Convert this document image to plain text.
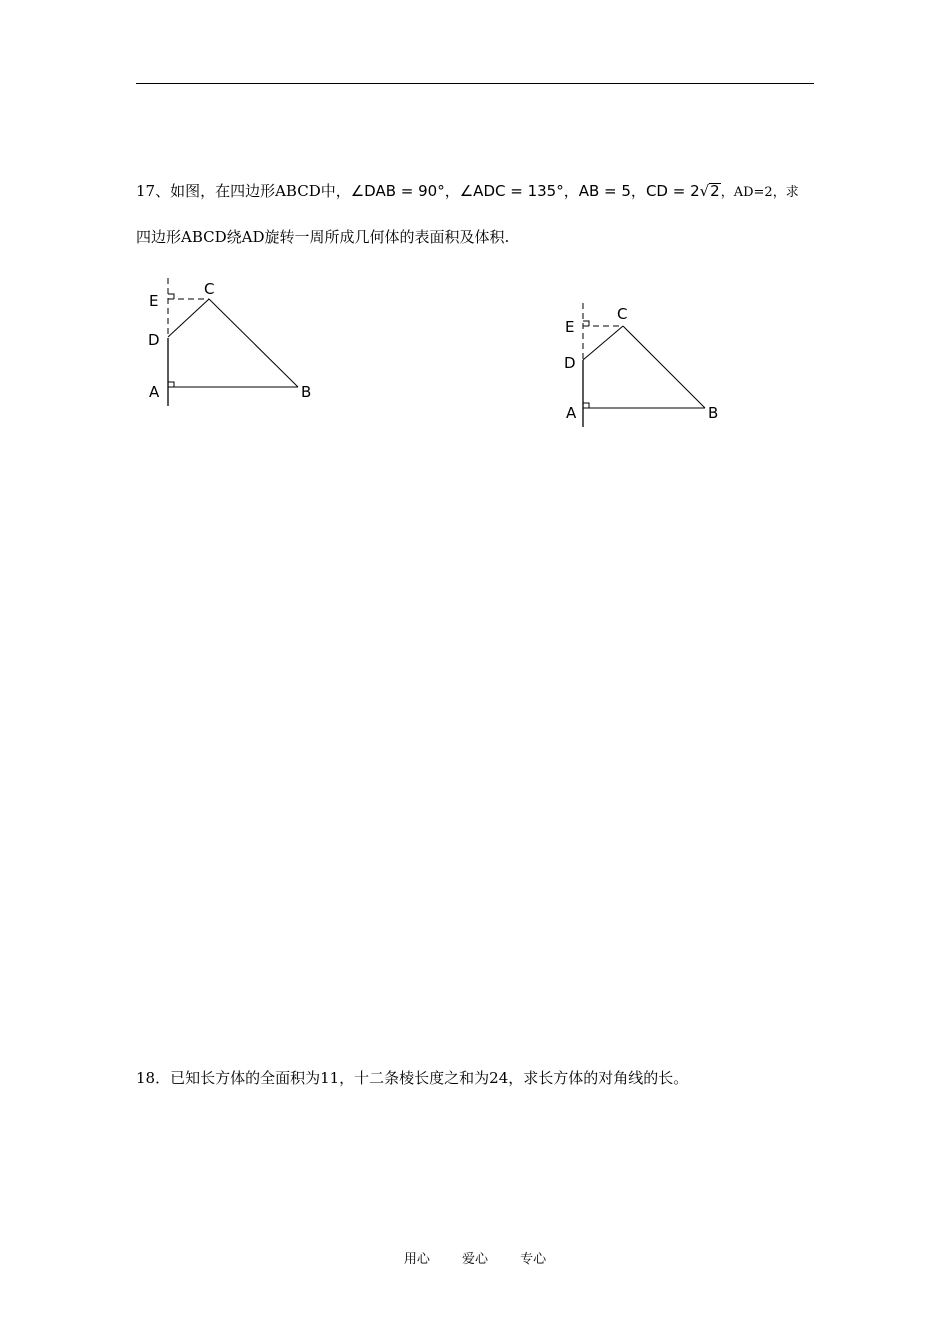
17、如图，在四边形ABCD中，∠DAB = 90°，∠ADC = 135°，AB = 5，CD = 2√2，AD=2，求
四边形ABCD绕AD旋转一周所成几何体的表面积及体积.
E
C
D
A	B
E
C
D
A	B
18．已知长方体的全面积为11，十二条棱长度之和为24，求长方体的对角线的长。
用心 爱心 专心
